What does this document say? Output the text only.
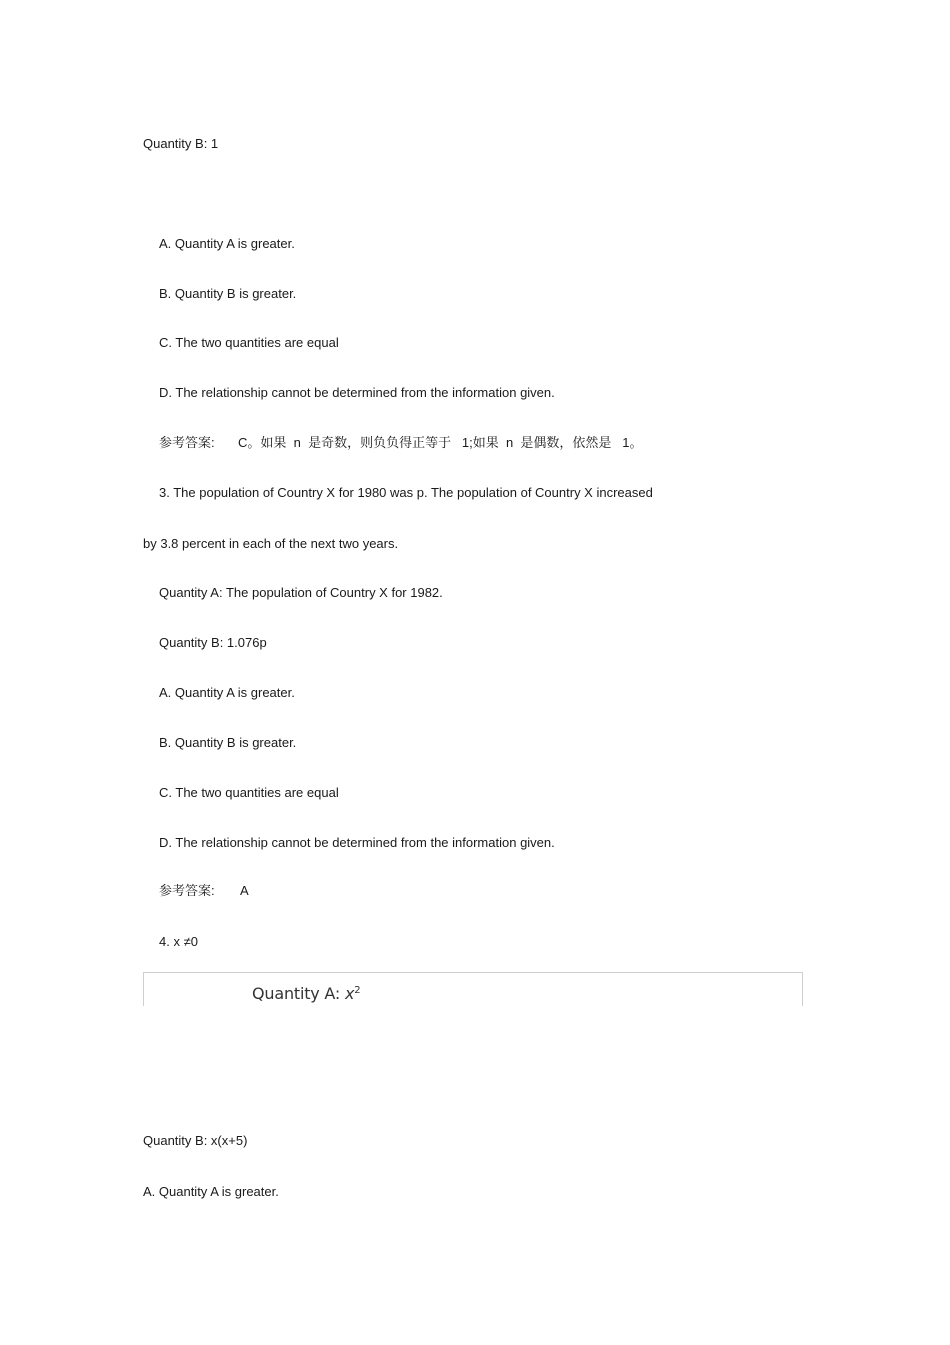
Quantity B: 1
A. Quantity A is greater.
B. Quantity B is greater.
C. The two quantities are equal
D. The relationship cannot be determined from the information given.
参考答案: C。如果  n  是奇数，则负负得正等于   1;如果  n  是偶数，依然是   1。
3. The population of Country X for 1980 was p. The population of Country X increased
by 3.8 percent in each of the next two years.
Quantity A: The population of Country X for 1982.
Quantity B: 1.076p
A. Quantity A is greater.
B. Quantity B is greater.
C. The two quantities are equal
D. The relationship cannot be determined from the information given.
参考答案: A
4. x ≠0
Quantity A: $x^2$
Quantity B: x(x+5)
A. Quantity A is greater.
